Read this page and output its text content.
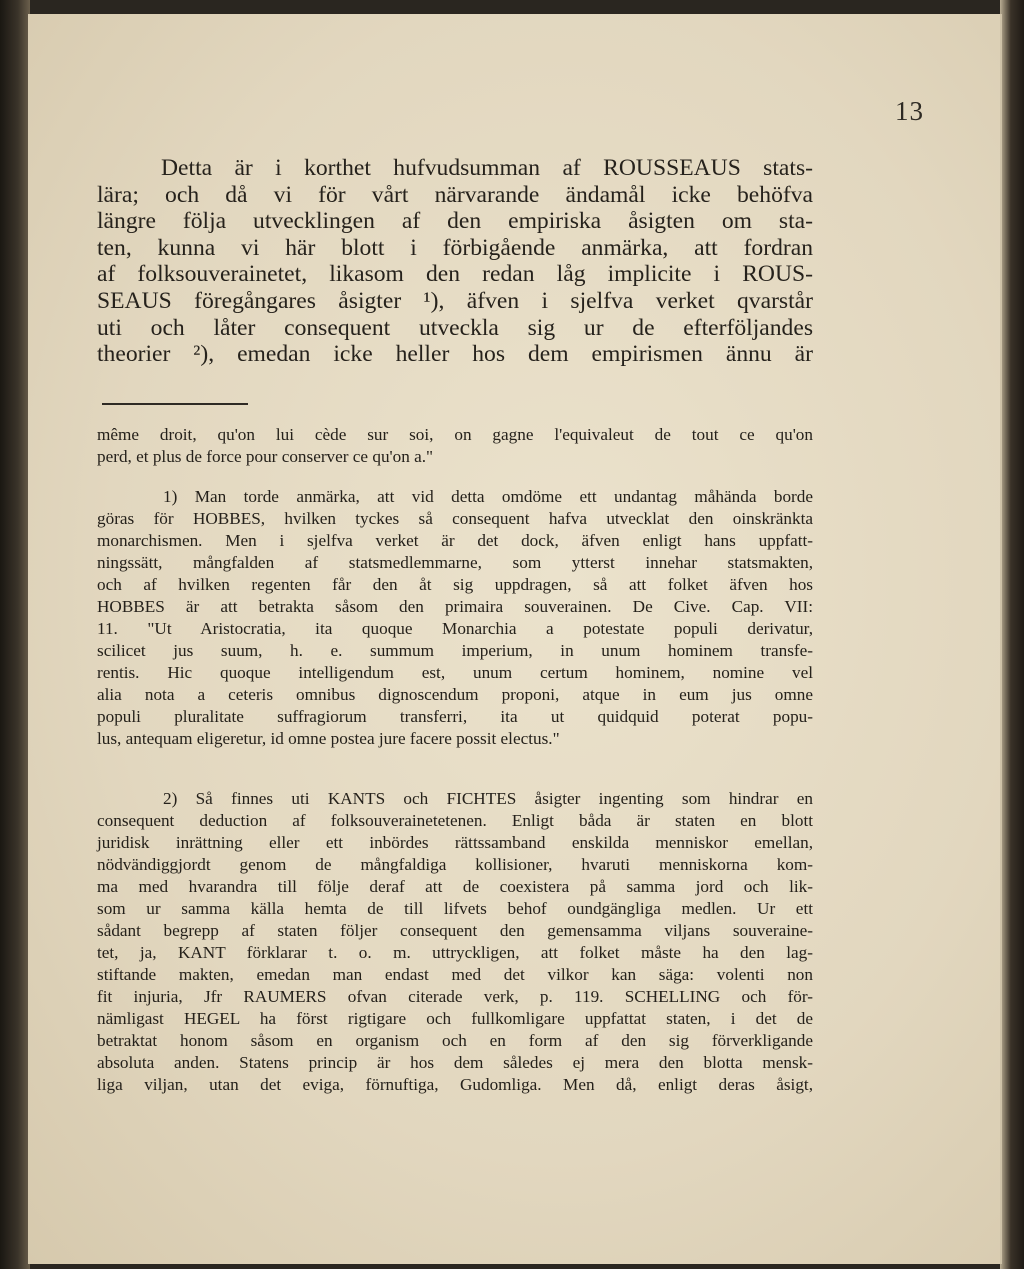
13
Detta är i korthet hufvudsumman af ROUSSEAUS stats-
lära; och då vi för vårt närvarande ändamål icke behöfva
längre följa utvecklingen af den empiriska åsigten om sta-
ten, kunna vi här blott i förbigående anmärka, att fordran
af folksouverainetet, likasom den redan låg implicite i ROUS-
SEAUS föregångares åsigter ¹), äfven i sjelfva verket qvarstår
uti och låter consequent utveckla sig ur de efterföljandes
theorier ²), emedan icke heller hos dem empirismen ännu är
même droit, qu'on lui cède sur soi, on gagne l'equivaleut de tout ce qu'on
perd, et plus de force pour conserver ce qu'on a."
1) Man torde anmärka, att vid detta omdöme ett undantag måhända borde
göras för HOBBES, hvilken tyckes så consequent hafva utvecklat den oinskränkta
monarchismen. Men i sjelfva verket är det dock, äfven enligt hans uppfatt-
ningssätt, mångfalden af statsmedlemmarne, som ytterst innehar statsmakten,
och af hvilken regenten får den åt sig uppdragen, så att folket äfven hos
HOBBES är att betrakta såsom den primaira souverainen. De Cive. Cap. VII:
11. "Ut Aristocratia, ita quoque Monarchia a potestate populi derivatur,
scilicet jus suum, h. e. summum imperium, in unum hominem transfe-
rentis. Hic quoque intelligendum est, unum certum hominem, nomine vel
alia nota a ceteris omnibus dignoscendum proponi, atque in eum jus omne
populi pluralitate suffragiorum transferri, ita ut quidquid poterat popu-
lus, antequam eligeretur, id omne postea jure facere possit electus."
2) Så finnes uti KANTS och FICHTES åsigter ingenting som hindrar en
consequent deduction af folksouverainetetenen. Enligt båda är staten en blott
juridisk inrättning eller ett inbördes rättssamband enskilda menniskor emellan,
nödvändiggjordt genom de mångfaldiga kollisioner, hvaruti menniskorna kom-
ma med hvarandra till följe deraf att de coexistera på samma jord och lik-
som ur samma källa hemta de till lifvets behof oundgängliga medlen. Ur ett
sådant begrepp af staten följer consequent den gemensamma viljans souveraine-
tet, ja, KANT förklarar t. o. m. uttryckligen, att folket måste ha den lag-
stiftande makten, emedan man endast med det vilkor kan säga: volenti non
fit injuria, Jfr RAUMERS ofvan citerade verk, p. 119. SCHELLING och för-
nämligast HEGEL ha först rigtigare och fullkomligare uppfattat staten, i det de
betraktat honom såsom en organism och en form af den sig förverkligande
absoluta anden. Statens princip är hos dem således ej mera den blotta mensk-
liga viljan, utan det eviga, förnuftiga, Gudomliga. Men då, enligt deras åsigt,
